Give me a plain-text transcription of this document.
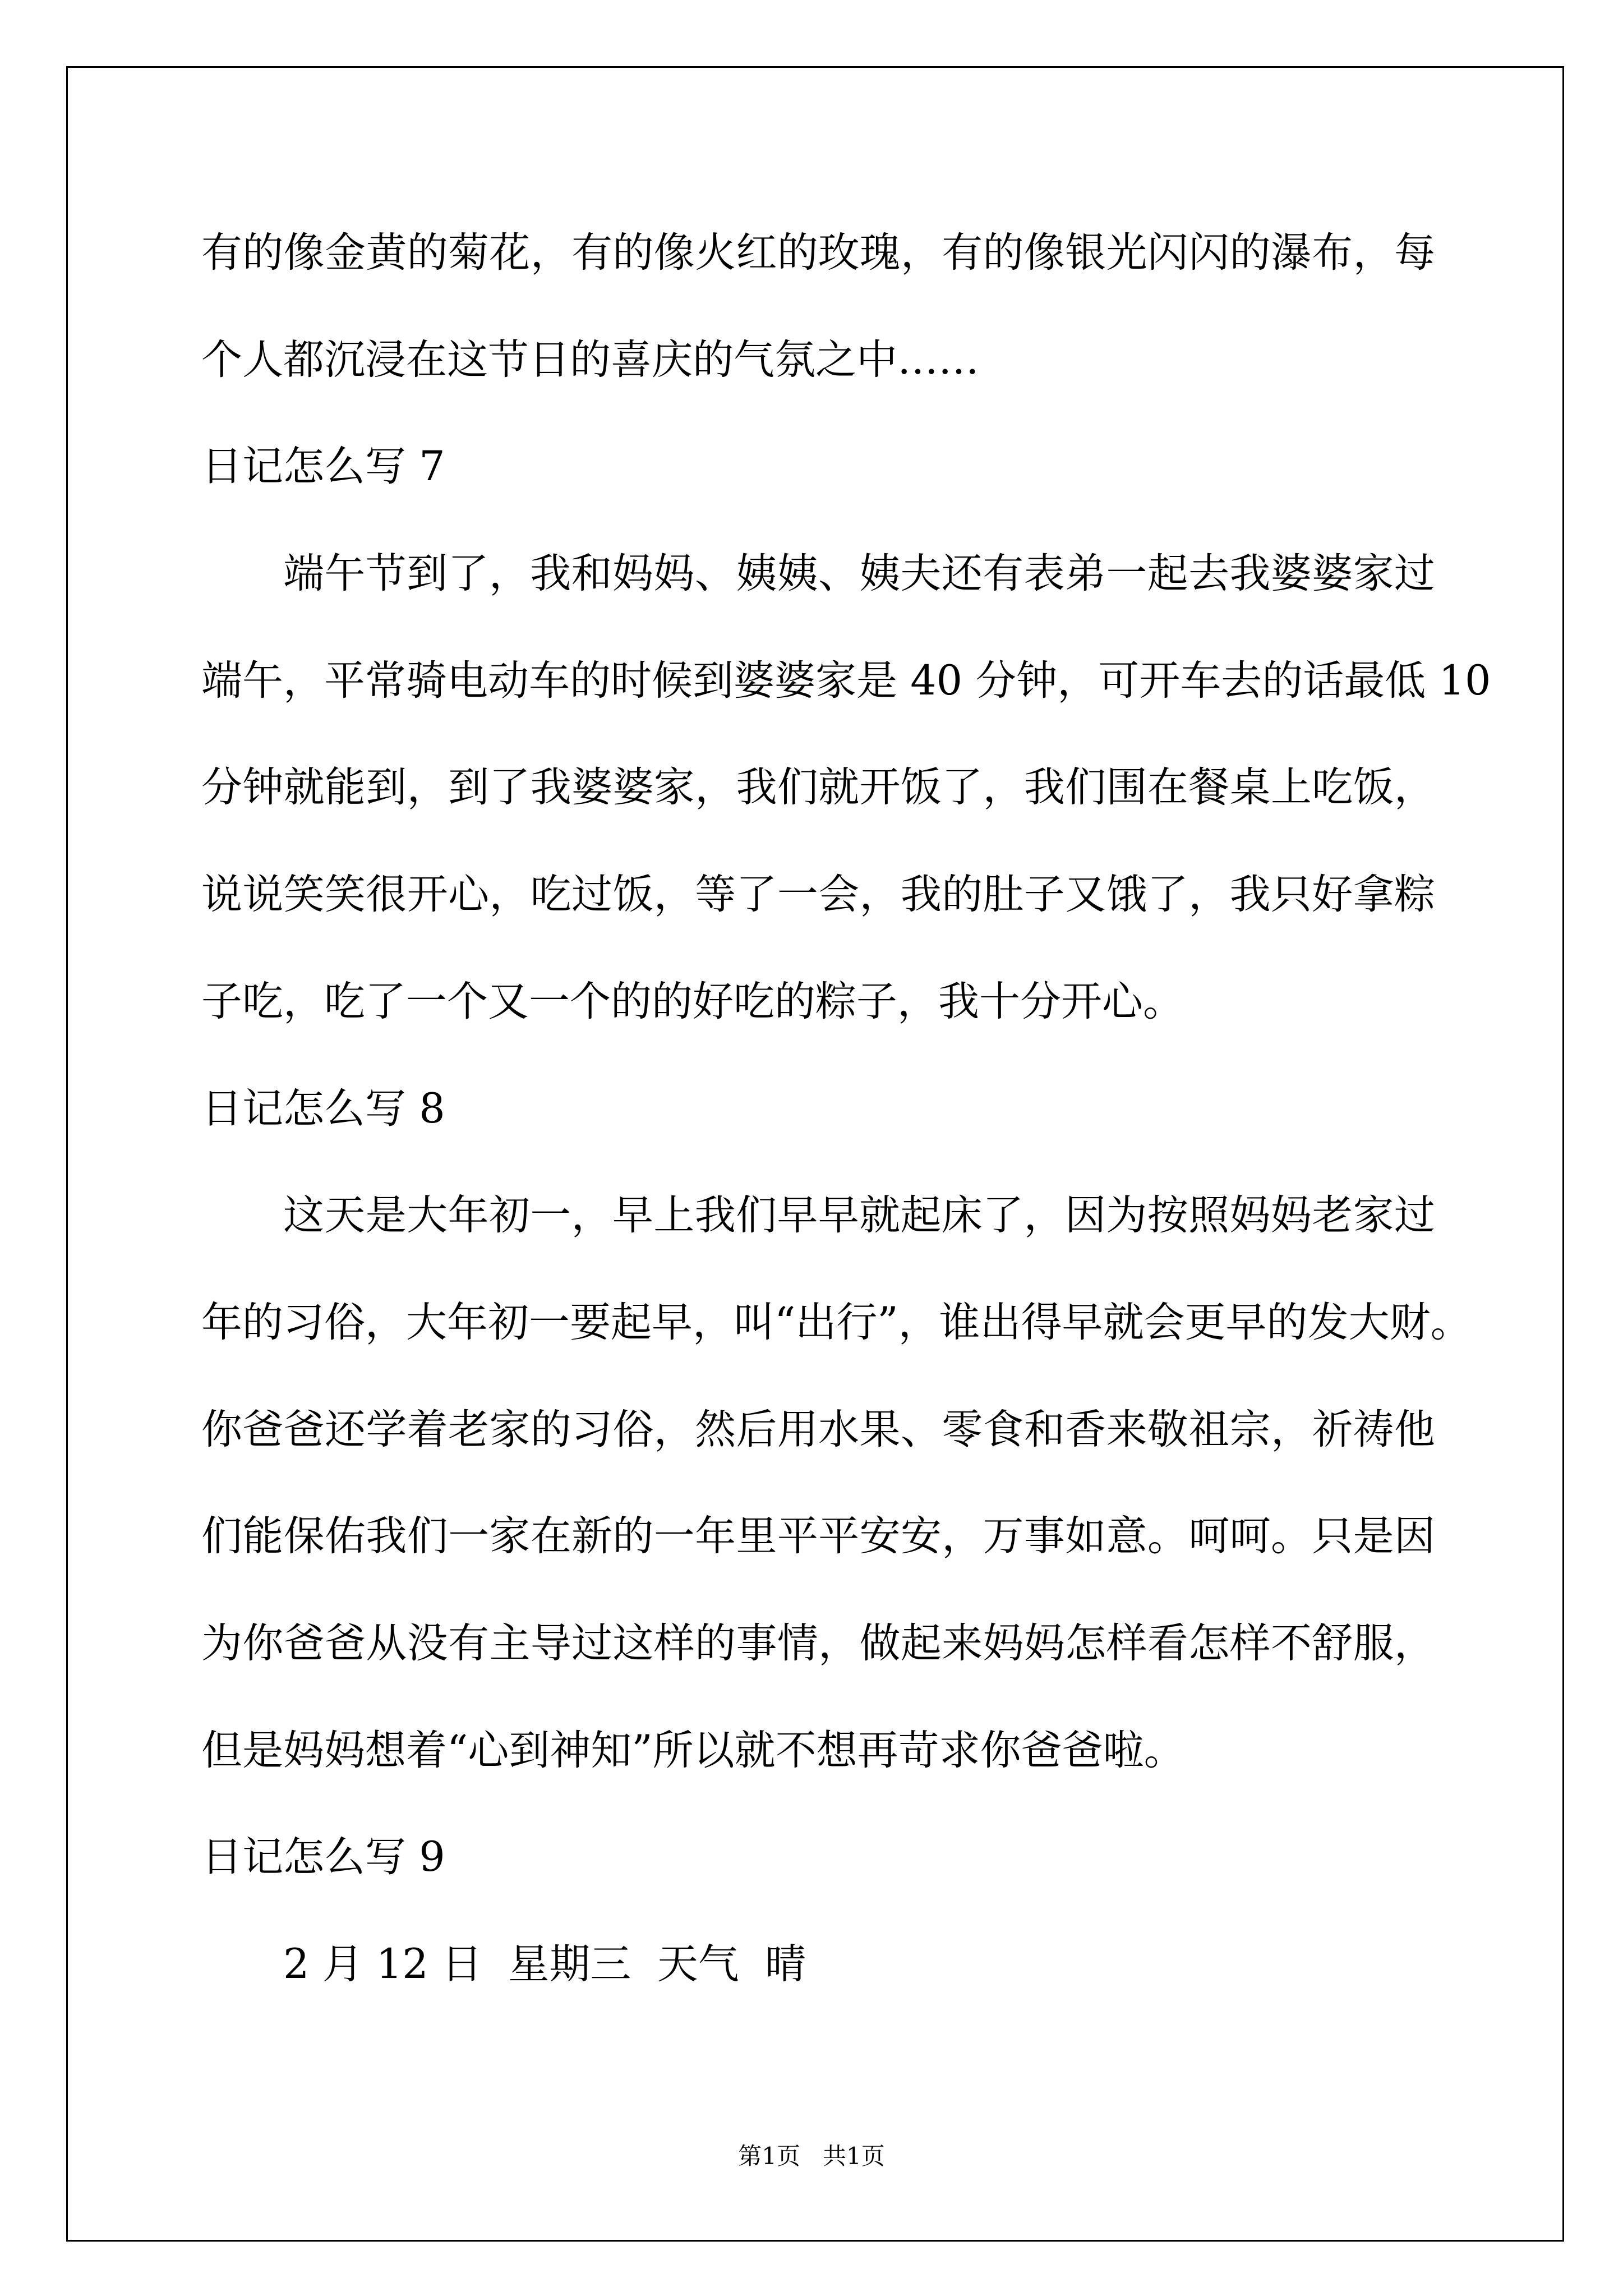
有的像金黄的菊花，有的像火红的玫瑰，有的像银光闪闪的瀑布，每
个人都沉浸在这节日的喜庆的气氛之中……
日记怎么写 7
端午节到了，我和妈妈、姨姨、姨夫还有表弟一起去我婆婆家过
端午，平常骑电动车的时候到婆婆家是 40 分钟，可开车去的话最低 10
分钟就能到，到了我婆婆家，我们就开饭了，我们围在餐桌上吃饭，
说说笑笑很开心，吃过饭，等了一会，我的肚子又饿了，我只好拿粽
子吃，吃了一个又一个的的好吃的粽子，我十分开心。
日记怎么写 8
这天是大年初一，早上我们早早就起床了，因为按照妈妈老家过
年的习俗，大年初一要起早，叫“出行”，谁出得早就会更早的发大财。
你爸爸还学着老家的习俗，然后用水果、零食和香来敬祖宗，祈祷他
们能保佑我们一家在新的一年里平平安安，万事如意。呵呵。只是因
为你爸爸从没有主导过这样的事情，做起来妈妈怎样看怎样不舒服，
但是妈妈想着“心到神知”所以就不想再苛求你爸爸啦。
日记怎么写 9
2 月 12 日  星期三  天气  晴
第1页   共1页
